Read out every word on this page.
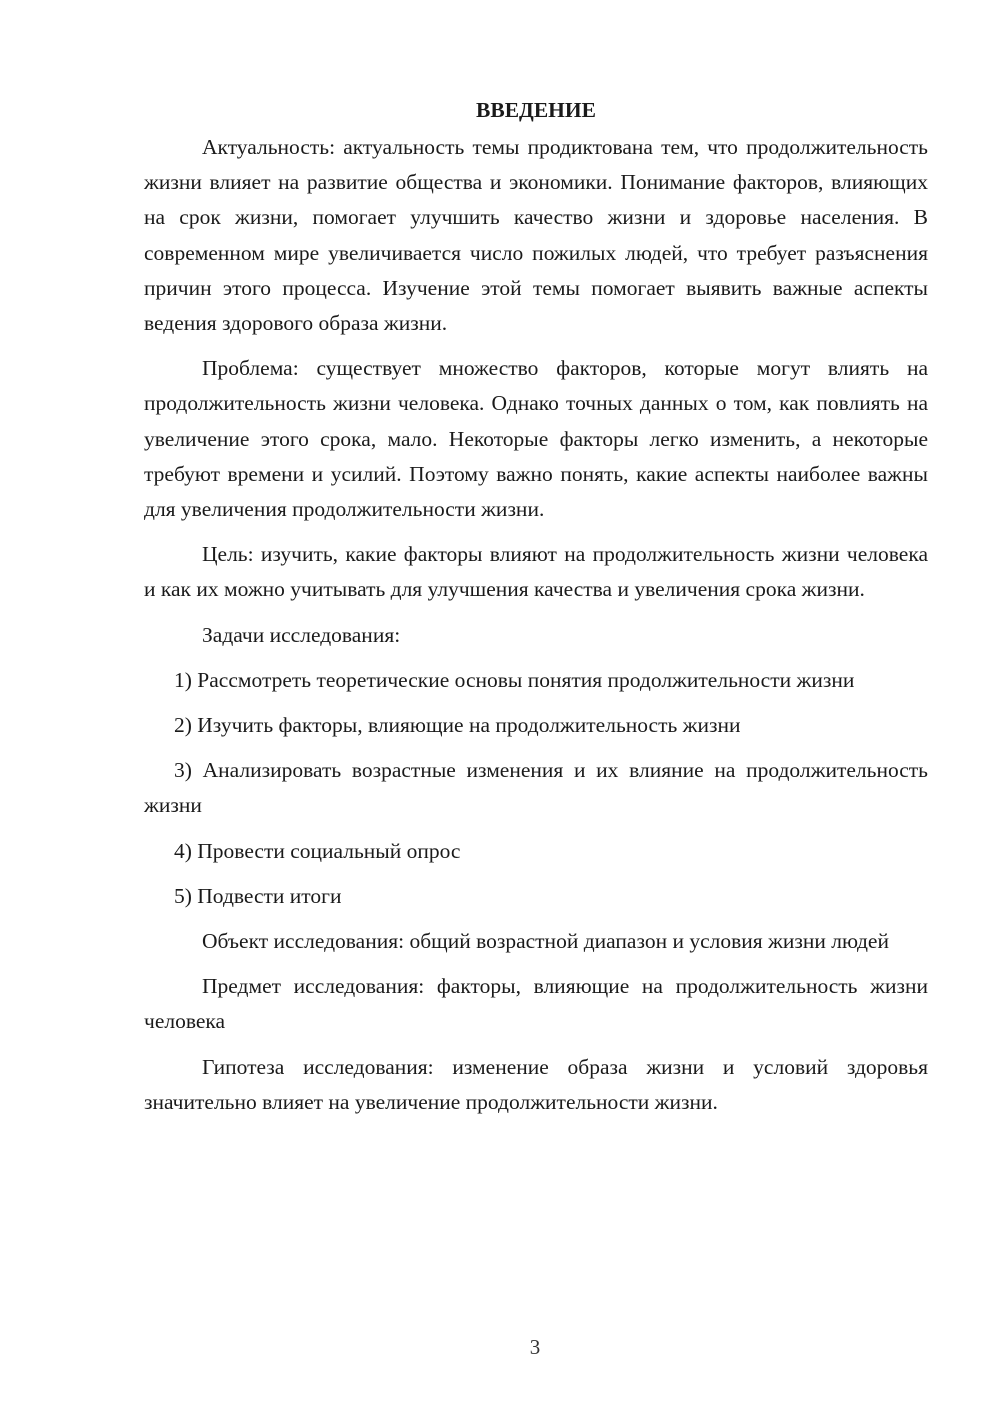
ВВЕДЕНИЕ

Актуальность: актуальность темы продиктована тем, что продолжительность жизни влияет на развитие общества и экономики. Понимание факторов, влияющих на срок жизни, помогает улучшить качество жизни и здоровье населения. В современном мире увеличивается число пожилых людей, что требует разъяснения причин этого процесса. Изучение этой темы помогает выявить важные аспекты ведения здорового образа жизни.

Проблема: существует множество факторов, которые могут влиять на продолжительность жизни человека. Однако точных данных о том, как повлиять на увеличение этого срока, мало. Некоторые факторы легко изменить, а некоторые требуют времени и усилий. Поэтому важно понять, какие аспекты наиболее важны для увеличения продолжительности жизни.

Цель: изучить, какие факторы влияют на продолжительность жизни человека и как их можно учитывать для улучшения качества и увеличения срока жизни.

Задачи исследования:

1) Рассмотреть теоретические основы понятия продолжительности жизни

2) Изучить факторы, влияющие на продолжительность жизни

3) Анализировать возрастные изменения и их влияние на продолжительность жизни

4) Провести социальный опрос

5) Подвести итоги

Объект исследования: общий возрастной диапазон и условия жизни людей

Предмет исследования: факторы, влияющие на продолжительность жизни человека

Гипотеза исследования: изменение образа жизни и условий здоровья значительно влияет на увеличение продолжительности жизни.

3
